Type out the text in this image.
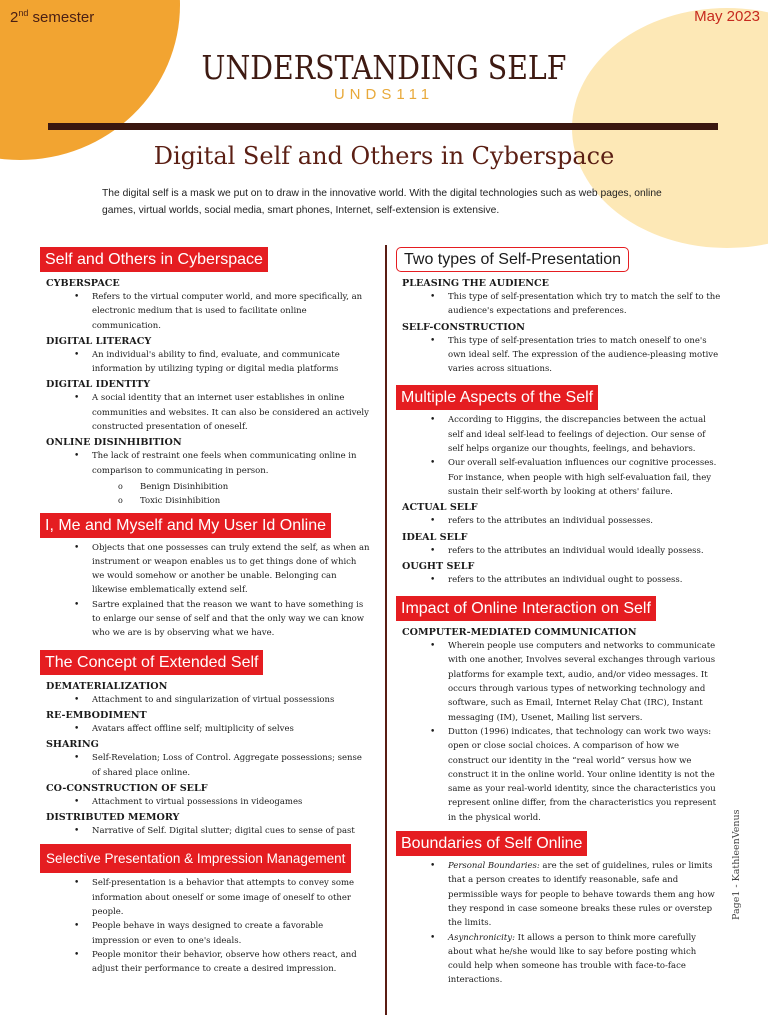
2nd semester	May 2023
UNDERSTANDING SELF
UNDS111
Digital Self and Others in Cyberspace
The digital self is a mask we put on to draw in the innovative world. With the digital technologies such as web pages, online games, virtual worlds, social media, smart phones, Internet, self-extension is extensive.
Self and Others in Cyberspace
CYBERSPACE
• Refers to the virtual computer world, and more specifically, an electronic medium that is used to facilitate online communication.
DIGITAL LITERACY
• An individual's ability to find, evaluate, and communicate information by utilizing typing or digital media platforms
DIGITAL IDENTITY
• A social identity that an internet user establishes in online communities and websites. It can also be considered an actively constructed presentation of oneself.
ONLINE DISINHIBITION
• The lack of restraint one feels when communicating online in comparison to communicating in person.
o Benign Disinhibition
o Toxic Disinhibition
I, Me and Myself and My User Id Online
• Objects that one possesses can truly extend the self, as when an instrument or weapon enables us to get things done of which we would somehow or another be unable. Belonging can likewise emblematically extend self.
• Sartre explained that the reason we want to have something is to enlarge our sense of self and that the only way we can know who we are is by observing what we have.
The Concept of Extended Self
DEMATERIALIZATION
• Attachment to and singularization of virtual possessions
RE-EMBODIMENT
• Avatars affect offline self; multiplicity of selves
SHARING
• Self-Revelation; Loss of Control. Aggregate possessions; sense of shared place online.
CO-CONSTRUCTION OF SELF
• Attachment to virtual possessions in videogames
DISTRIBUTED MEMORY
• Narrative of Self. Digital slutter; digital cues to sense of past
Selective Presentation & Impression Management
• Self-presentation is a behavior that attempts to convey some information about oneself or some image of oneself to other people.
• People behave in ways designed to create a favorable impression or even to one's ideals.
• People monitor their behavior, observe how others react, and adjust their performance to create a desired impression.
Two types of Self-Presentation
PLEASING THE AUDIENCE
• This type of self-presentation which try to match the self to the audience's expectations and preferences.
SELF-CONSTRUCTION
• This type of self-presentation tries to match oneself to one's own ideal self. The expression of the audience-pleasing motive varies across situations.
Multiple Aspects of the Self
• According to Higgins, the discrepancies between the actual self and ideal self-lead to feelings of dejection. Our sense of self helps organize our thoughts, feelings, and behaviors.
• Our overall self-evaluation influences our cognitive processes. For instance, when people with high self-evaluation fail, they sustain their self-worth by looking at others' failure.
ACTUAL SELF
• refers to the attributes an individual possesses.
IDEAL SELF
• refers to the attributes an individual would ideally possess.
OUGHT SELF
• refers to the attributes an individual ought to possess.
Impact of Online Interaction on Self
COMPUTER-MEDIATED COMMUNICATION
• Wherein people use computers and networks to communicate with one another, Involves several exchanges through various platforms for example text, audio, and/or video messages. It occurs through various types of networking technology and software, such as Email, Internet Relay Chat (IRC), Instant messaging (IM), Usenet, Mailing list servers.
• Dutton (1996) indicates, that technology can work two ways: open or close social choices. A comparison of how we construct our identity in the “real world” versus how we construct it in the online world. Your online identity is not the same as your real-world identity, since the characteristics you represent online differ, from the characteristics you represent in the physical world.
Boundaries of Self Online
• Personal Boundaries: are the set of guidelines, rules or limits that a person creates to identify reasonable, safe and permissible ways for people to behave towards them ang how they respond in case someone breaks these rules or overstep the limits.
• Asynchronicity: It allows a person to think more carefully about what he/she would like to say before posting which could help when someone has trouble with face-to-face interactions.
Page1 - KathleenVenus
